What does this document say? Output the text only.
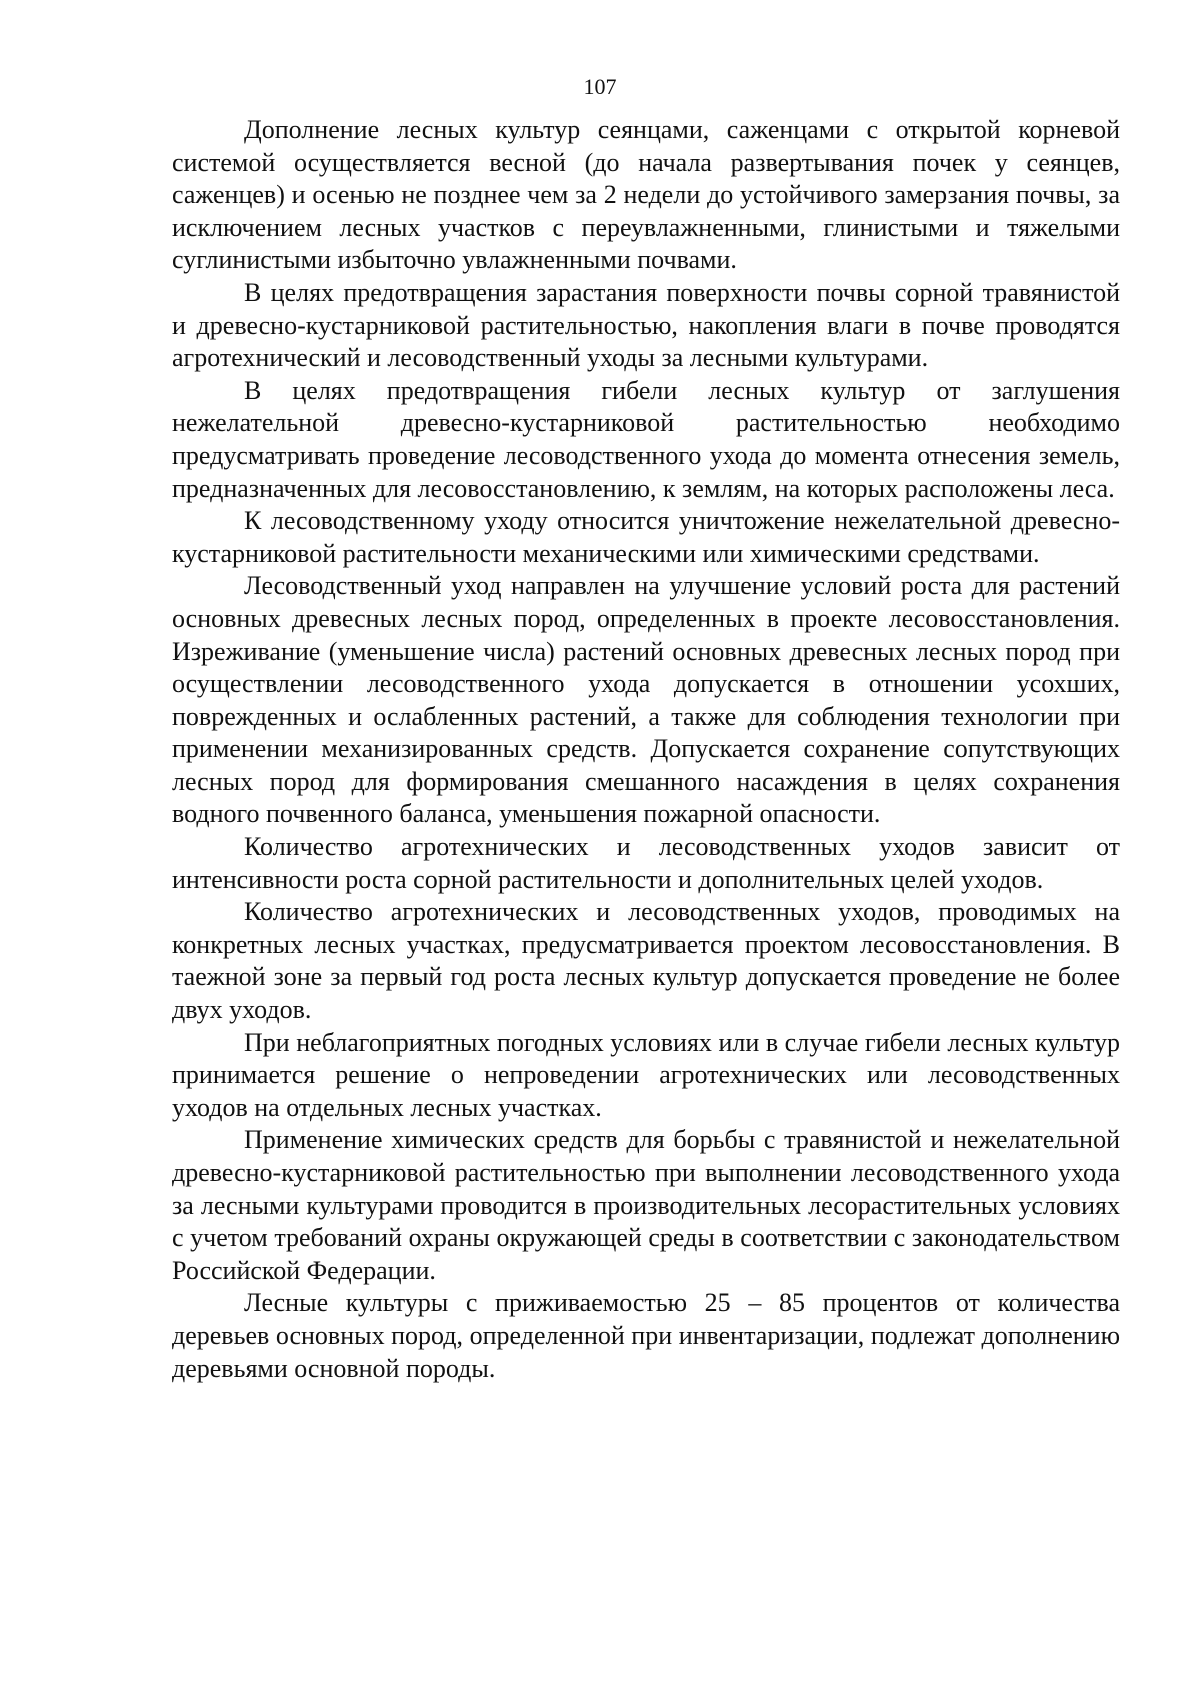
107

Дополнение лесных культур сеянцами, саженцами с открытой корневой системой осуществляется весной (до начала развертывания почек у сеянцев, саженцев) и осенью не позднее чем за 2 недели до устойчивого замерзания почвы, за исключением лесных участков с переувлажненными, глинистыми и тяжелыми суглинистыми избыточно увлажненными почвами.

В целях предотвращения зарастания поверхности почвы сорной травянистой и древесно-кустарниковой растительностью, накопления влаги в почве проводятся агротехнический и лесоводственный уходы за лесными культурами.

В целях предотвращения гибели лесных культур от заглушения нежелательной древесно-кустарниковой растительностью необходимо предусматривать проведение лесоводственного ухода до момента отнесения земель, предназначенных для лесовосстановлению, к землям, на которых расположены леса.

К лесоводственному уходу относится уничтожение нежелательной древесно-кустарниковой растительности механическими или химическими средствами.

Лесоводственный уход направлен на улучшение условий роста для растений основных древесных лесных пород, определенных в проекте лесовосстановления. Изреживание (уменьшение числа) растений основных древесных лесных пород при осуществлении лесоводственного ухода допускается в отношении усохших, поврежденных и ослабленных растений, а также для соблюдения технологии при применении механизированных средств. Допускается сохранение сопутствующих лесных пород для формирования смешанного насаждения в целях сохранения водного почвенного баланса, уменьшения пожарной опасности.

Количество агротехнических и лесоводственных уходов зависит от интенсивности роста сорной растительности и дополнительных целей уходов.

Количество агротехнических и лесоводственных уходов, проводимых на конкретных лесных участках, предусматривается проектом лесовосстановления. В таежной зоне за первый год роста лесных культур допускается проведение не более двух уходов.

При неблагоприятных погодных условиях или в случае гибели лесных культур принимается решение о непроведении агротехнических или лесоводственных уходов на отдельных лесных участках.

Применение химических средств для борьбы с травянистой и нежелательной древесно-кустарниковой растительностью при выполнении лесоводственного ухода за лесными культурами проводится в производительных лесорастительных условиях с учетом требований охраны окружающей среды в соответствии с законодательством Российской Федерации.

Лесные культуры с приживаемостью 25 – 85 процентов от количества деревьев основных пород, определенной при инвентаризации, подлежат дополнению деревьями основной породы.
